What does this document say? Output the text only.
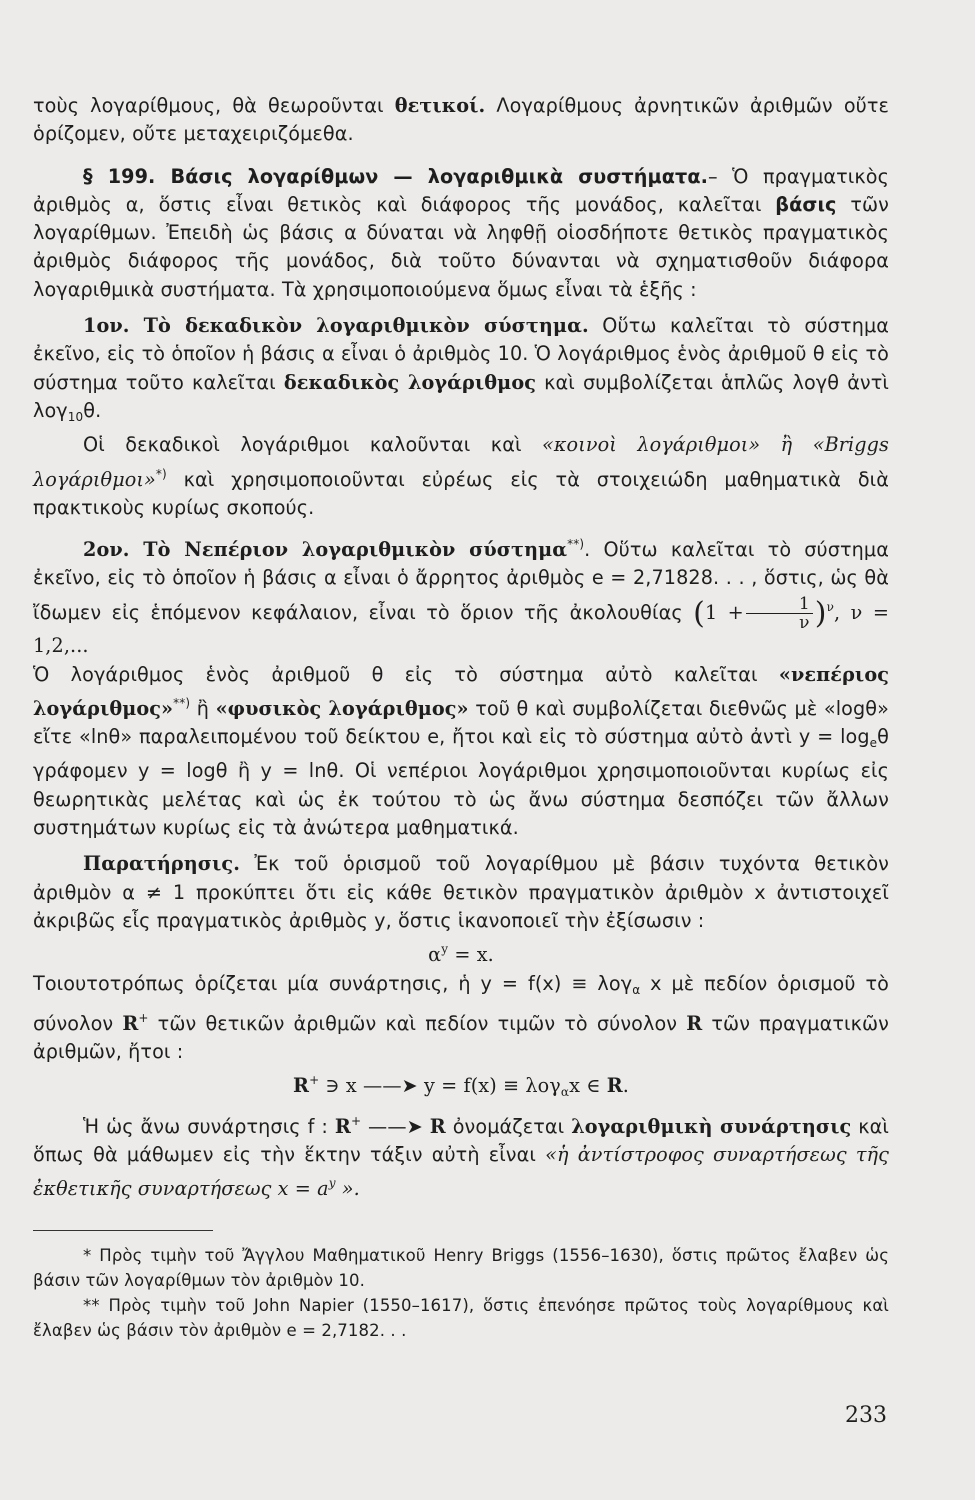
τοὺς λογαρίθμους, θὰ θεωροῦνται θετικοί. Λογαρίθμους ἀρνητικῶν ἀριθμῶν οὔτε ὁρίζομεν, οὔτε μεταχειριζόμεθα.

§ 199. Βάσις λογαρίθμων — λογαριθμικὰ συστήματα.– Ὁ πραγματικὸς ἀριθμὸς α, ὅστις εἶναι θετικὸς καὶ διάφορος τῆς μονάδος, καλεῖται βάσις τῶν λογαρίθμων. Ἐπειδὴ ὡς βάσις α δύναται νὰ ληφθῇ οἱοσδήποτε θετικὸς πραγματικὸς ἀριθμὸς διάφορος τῆς μονάδος, διὰ τοῦτο δύνανται νὰ σχηματισθοῦν διάφορα λογαριθμικὰ συστήματα. Τὰ χρησιμοποιούμενα ὅμως εἶναι τὰ ἑξῆς :

1ον. Τὸ δεκαδικὸν λογαριθμικὸν σύστημα. Οὕτω καλεῖται τὸ σύστημα ἐκεῖνο, εἰς τὸ ὁποῖον ἡ βάσις α εἶναι ὁ ἀριθμὸς 10. Ὁ λογάριθμος ἑνὸς ἀριθμοῦ θ εἰς τὸ σύστημα τοῦτο καλεῖται δεκαδικὸς λογάριθμος καὶ συμβολίζεται ἁπλῶς λογθ ἀντὶ λογ$_{10}$θ.

Οἱ δεκαδικοὶ λογάριθμοι καλοῦνται καὶ «κοινοὶ λογάριθμοι» ἢ «Briggs λογάριθμοι»*) καὶ χρησιμοποιοῦνται εὐρέως εἰς τὰ στοιχειώδη μαθηματικὰ διὰ πρακτικοὺς κυρίως σκοπούς.

2ον. Τὸ Νεπέριον λογαριθμικὸν σύστημα**). Οὕτω καλεῖται τὸ σύστημα ἐκεῖνο, εἰς τὸ ὁποῖον ἡ βάσις α εἶναι ὁ ἄρρητος ἀριθμὸς e = 2,71828. . . , ὅστις, ὡς θὰ ἴδωμεν εἰς ἑπόμενον κεφάλαιον, εἶναι τὸ ὅριον τῆς ἀκολουθίας $(1 + \frac{1}{\nu} )^\nu$, ν = 1,2,...

Ὁ λογάριθμος ἑνὸς ἀριθμοῦ θ εἰς τὸ σύστημα αὐτὸ καλεῖται «νεπέριος λογάριθμος»**) ἢ «φυσικὸς λογάριθμος» τοῦ θ καὶ συμβολίζεται διεθνῶς μὲ «logθ» εἴτε «lnθ» παραλειπομένου τοῦ δείκτου e, ἤτοι καὶ εἰς τὸ σύστημα αὐτὸ ἀντὶ $y = \log_e\theta$ γράφομεν y = logθ ἢ y = lnθ. Οἱ νεπέριοι λογάριθμοι χρησιμοποιοῦνται κυρίως εἰς θεωρητικὰς μελέτας καὶ ὡς ἐκ τούτου τὸ ὡς ἄνω σύστημα δεσπόζει τῶν ἄλλων συστημάτων κυρίως εἰς τὰ ἀνώτερα μαθηματικά.

Παρατήρησις. Ἐκ τοῦ ὁρισμοῦ τοῦ λογαρίθμου μὲ βάσιν τυχόντα θετικὸν ἀριθμὸν α ≠ 1 προκύπτει ὅτι εἰς κάθε θετικὸν πραγματικὸν ἀριθμὸν x ἀντιστοιχεῖ ἀκριβῶς εἷς πραγματικὸς ἀριθμὸς y, ὅστις ἱκανοποιεῖ τὴν ἐξίσωσιν :

$\alpha^y = x$.

Τοιουτοτρόπως ὁρίζεται μία συνάρτησις, ἡ y = f(x) ≡ λογ$_\alpha$ x μὲ πεδίον ὁρισμοῦ τὸ σύνολον R+ τῶν θετικῶν ἀριθμῶν καὶ πεδίον τιμῶν τὸ σύνολον R τῶν πραγματικῶν ἀριθμῶν, ἤτοι :

R+ ∋ x ——➤ y = f(x) ≡ λογ$_\alpha$x ∈ R.

Ἡ ὡς ἄνω συνάρτησις f : R+ ——➤ R ὀνομάζεται λογαριθμικὴ συνάρτησις καὶ ὅπως θὰ μάθωμεν εἰς τὴν ἕκτην τάξιν αὐτὴ εἶναι «ἡ ἀντίστροφος συναρτήσεως τῆς ἐκθετικῆς συναρτήσεως $x = a^y$ ».

* Πρὸς τιμὴν τοῦ Ἄγγλου Μαθηματικοῦ Henry Briggs (1556–1630), ὅστις πρῶτος ἔλαβεν ὡς βάσιν τῶν λογαρίθμων τὸν ἀριθμὸν 10.

** Πρὸς τιμὴν τοῦ John Napier (1550–1617), ὅστις ἐπενόησε πρῶτος τοὺς λογαρίθμους καὶ ἔλαβεν ὡς βάσιν τὸν ἀριθμὸν e = 2,7182. . .

233
